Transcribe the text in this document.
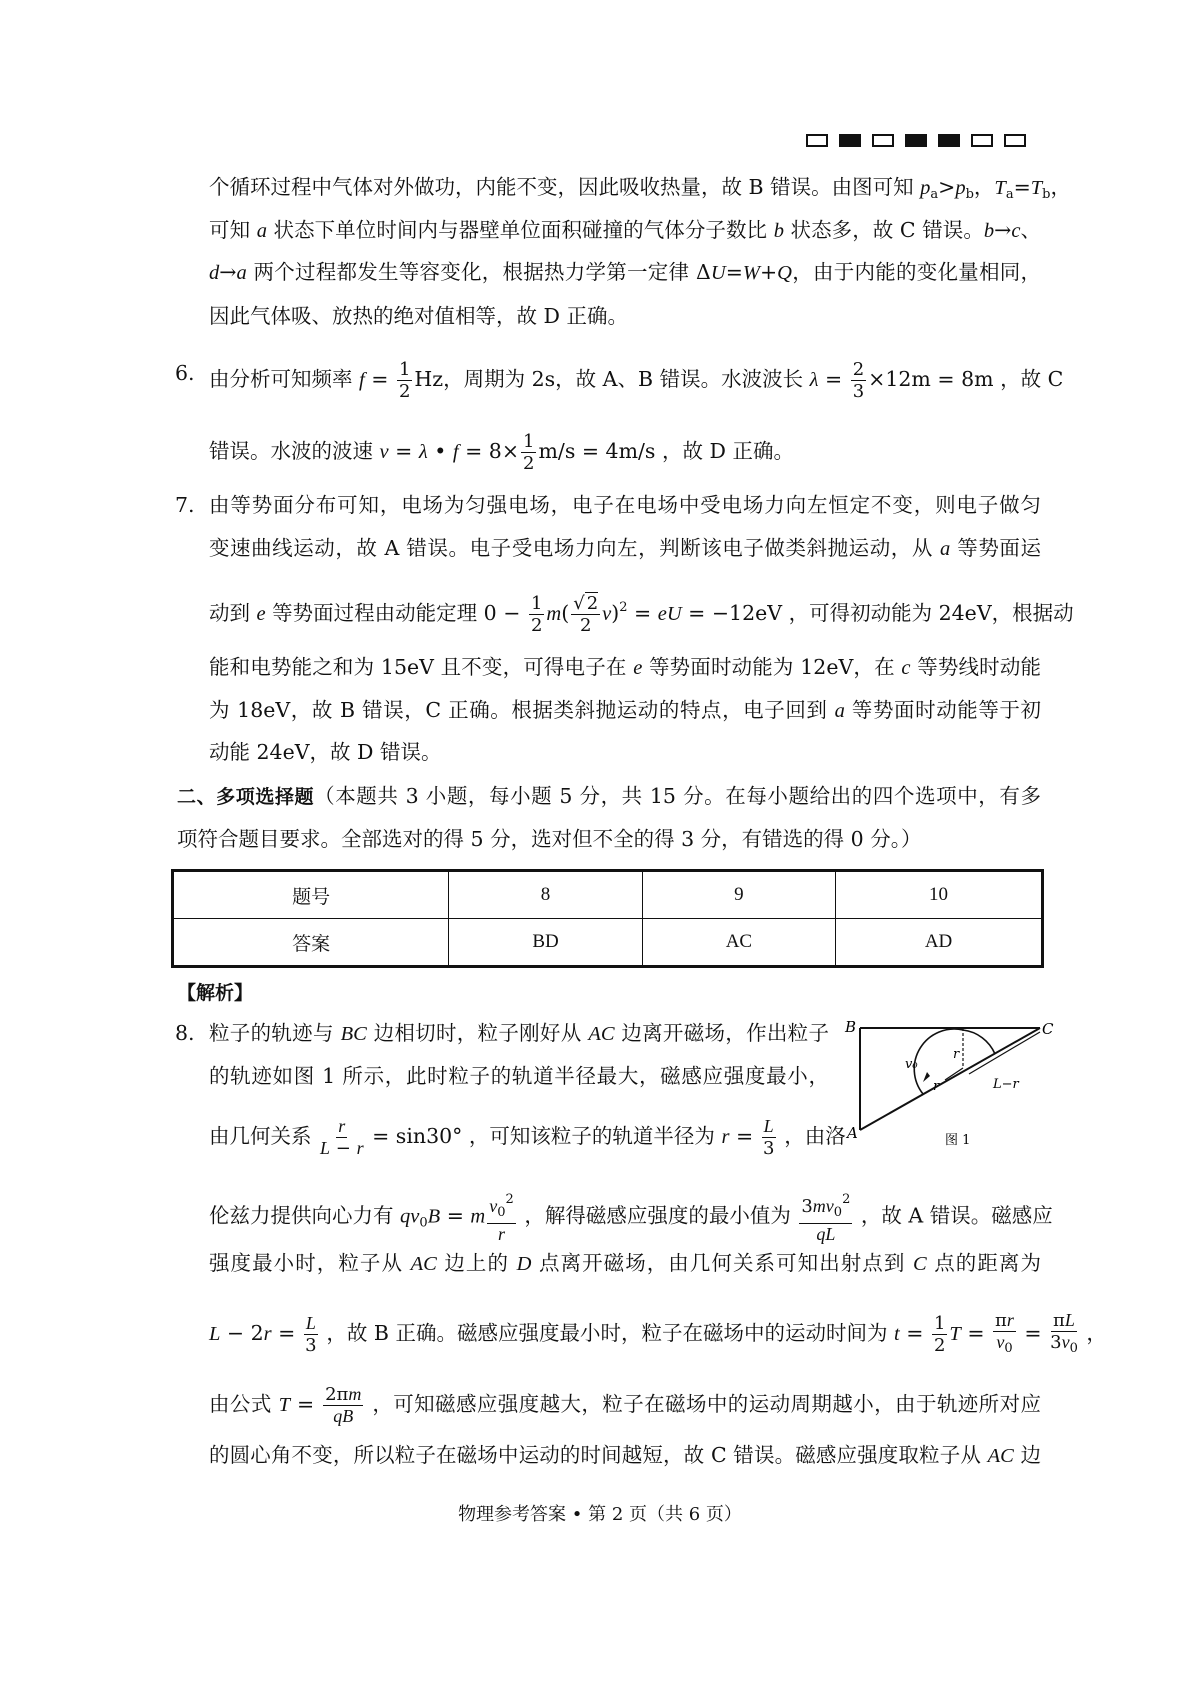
个循环过程中气体对外做功，内能不变，因此吸收热量，故 B 错误。由图可知 $p_a>p_b$，$T_a=T_b$，
可知 a 状态下单位时间内与器壁单位面积碰撞的气体分子数比 b 状态多，故 C 错误。b→c、
d→a 两个过程都发生等容变化，根据热力学第一定律 ΔU=W+Q，由于内能的变化量相同，
因此气体吸、放热的绝对值相等，故 D 正确。
6. 由分析可知频率 $f = \frac{1}{2}$ Hz，周期为 2s，故 A、B 错误。水波波长 $\lambda = \frac{2}{3} \times 12m = 8m$ ，故 C
错误。水波的波速 v = λ • $f = 8\times \frac{1}{2} m/s = 4m/s$ ，故 D 正确。
7. 由等势面分布可知，电场为匀强电场，电子在电场中受电场力向左恒定不变，则电子做匀
变速曲线运动，故 A 错误。电子受电场力向左，判断该电子做类斜抛运动，从 a 等势面运
动到 e 等势面过程由动能定理 $0 - \frac{1}{2} m( \frac{√ 2}{2} v)^2$ = eU = −12eV ，可得初动能为 24eV，根据动
能和电势能之和为 15eV 且不变，可得电子在 e 等势面时动能为 12eV，在 c 等势线时动能
为 18eV，故 B 错误，C 正确。根据类斜抛运动的特点，电子回到 a 等势面时动能等于初
动能 24eV，故 D 错误。
二、多项选择题（本题共 3 小题，每小题 5 分，共 15 分。在每小题给出的四个选项中，有多
项符合题目要求。全部选对的得 5 分，选对但不全的得 3 分，有错选的得 0 分。）
题号	8	9	10
答案	BD	AC	AD
【解析】
8. 粒子的轨迹与 BC 边相切时，粒子刚好从 AC 边离开磁场，作出粒子
的轨迹如图 1 所示，此时粒子的轨道半径最大，磁感应强度最小，
由几何关系 $\frac{r}{L - r} = \sin 30^\circ$ ，可知该粒子的轨道半径为 $r = \frac{L}{3}$ ，由洛
伦兹力提供向心力有 $qv_0B = m \frac{v_0^2}{r}$ ，解得磁感应强度的最小值为 $\frac{3mv_0^2}{qL}$ ，故 A 错误。磁感应
强度最小时，粒子从 AC 边上的 D 点离开磁场，由几何关系可知出射点到 C 点的距离为
$L - 2r = \frac{L}{3}$ ，故 B 正确。磁感应强度最小时，粒子在磁场中的运动时间为 $t = \frac{1}{2}$ $T = \frac{\pi r}{v_0} = \frac{\pi L}{3v_0}$ ，
由公式 $T = \frac{2\pi m}{qB}$ ，可知磁感应强度越大，粒子在磁场中的运动周期越小，由于轨迹所对应
的圆心角不变，所以粒子在磁场中运动的时间越短，故 C 错误。磁感应强度取粒子从 AC 边
B	C
A
v₀
r
r	L−r
图 1
物理参考答案 • 第 2 页（共 6 页）
